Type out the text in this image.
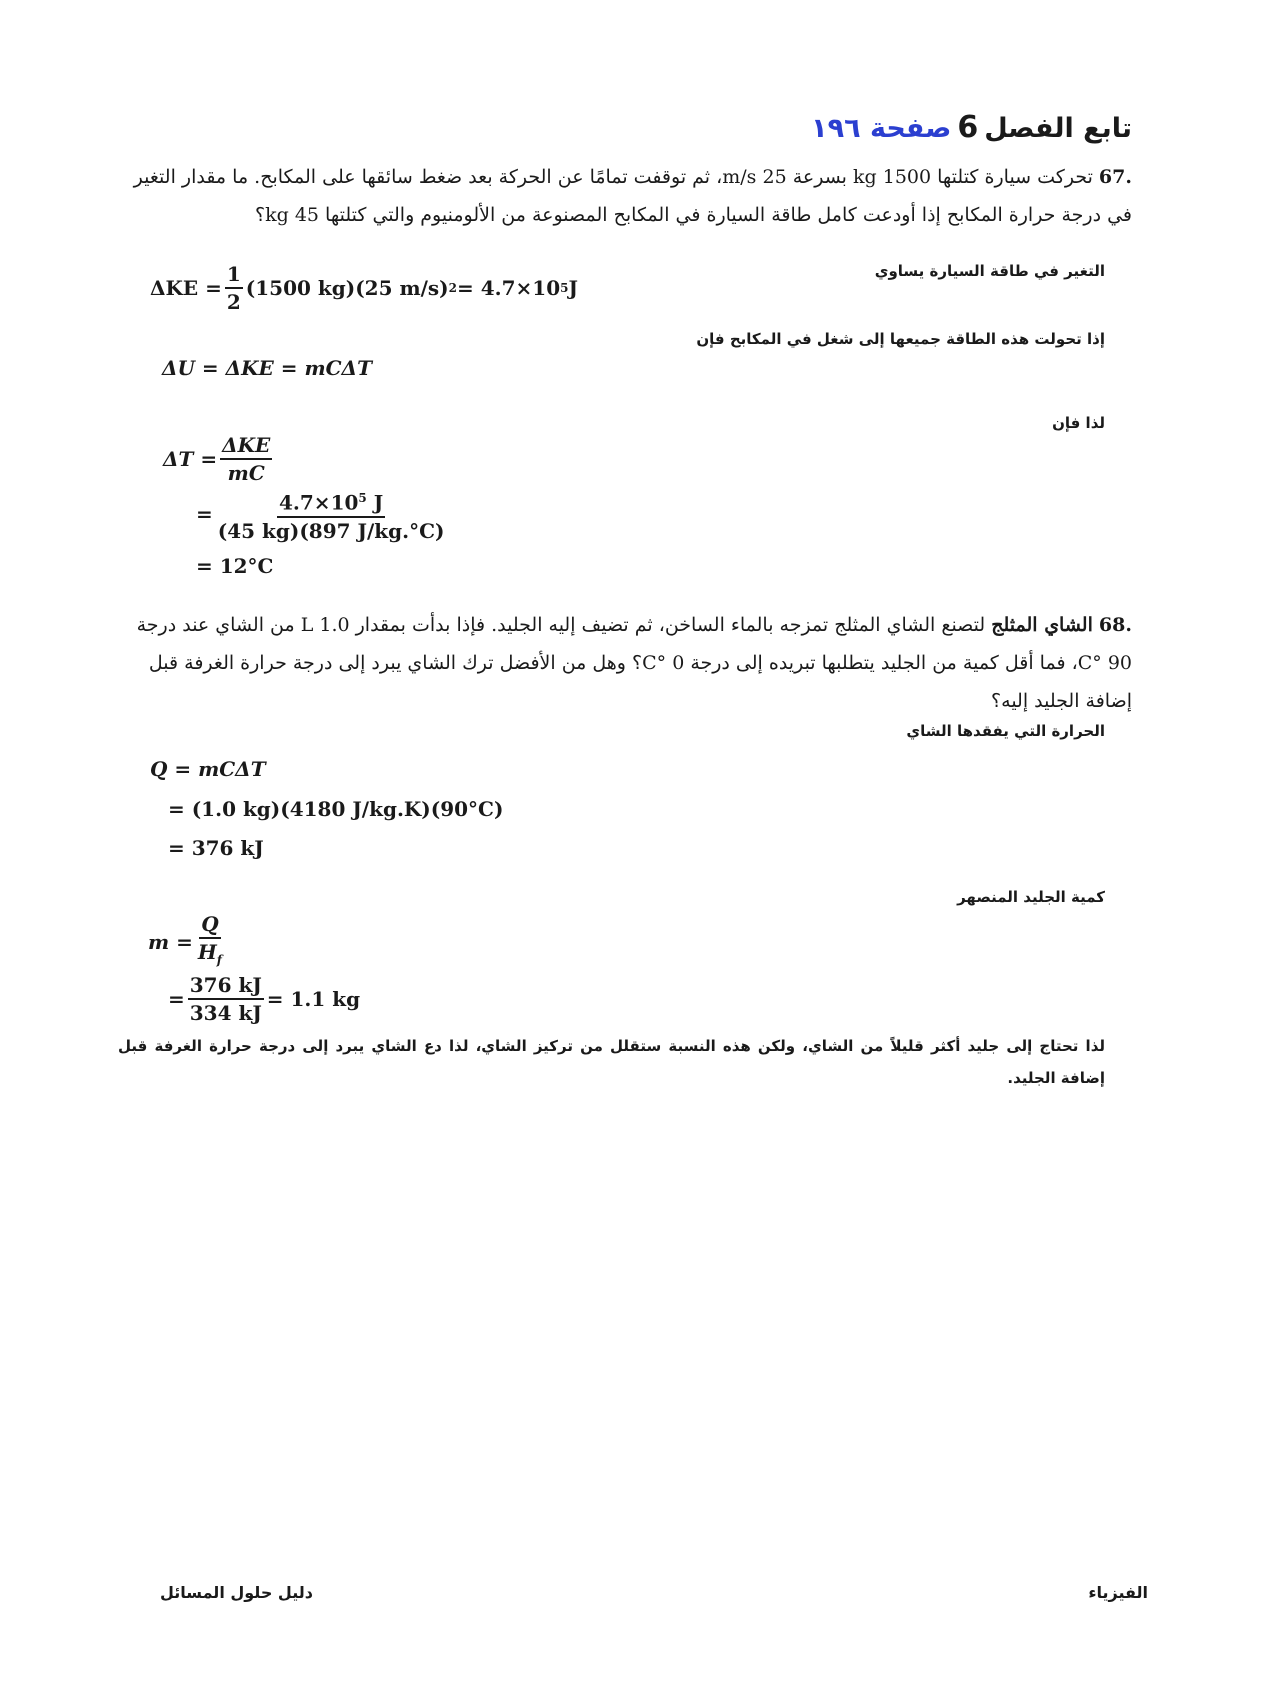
تابع الفصل6صفحة ١٩٦
.67 تحركت سيارة كتلتها 1500 kg بسرعة 25 m/s، ثم توقفت تمامًا عن الحركة بعد ضغط سائقها على المكابح. ما مقدار التغير في درجة حرارة المكابح إذا أودعت كامل طاقة السيارة في المكابح المصنوعة من الألومنيوم والتي كتلتها 45 kg؟
التغير في طاقة السيارة يساوي
$\Delta KE = \frac{1}{2} (1500$ kg)(25 m/s) 2 = 4.7×10 5 J
إذا تحولت هذه الطاقة جميعها إلى شغل في المكابح فإن
ΔU = ΔKE = mCΔT
لذا فإن
$\Delta T = \frac{\text{ΔKE}}{mC}$
= $\frac{4.7\times 10^5 J}{(45 kg)(897 J/kg.^\circ C)}$
= 12°C
.68 الشاي المثلج لتصنع الشاي المثلج تمزجه بالماء الساخن، ثم تضيف إليه الجليد. فإذا بدأت بمقدار 1.0 L من الشاي عند درجة 90 °C، فما أقل كمية من الجليد يتطلبها تبريده إلى درجة 0 °C؟ وهل من الأفضل ترك الشاي يبرد إلى درجة حرارة الغرفة قبل إضافة الجليد إليه؟
الحرارة التي يفقدها الشاي
Q = mCΔT
= (1.0 kg)(4180 J/kg.K)(90°C)
= 376 kJ
كمية الجليد المنصهر
$m = \frac{Q}{H_f}$
= $\frac{376 kJ}{334 kJ} = 1.1$ kg
لذا تحتاج إلى جليد أكثر قليلاً من الشاي، ولكن هذه النسبة ستقلل من تركيز الشاي، لذا دع الشاي يبرد إلى درجة حرارة الغرفة قبل إضافة الجليد.
الفيزياء
دليل حلول المسائل
